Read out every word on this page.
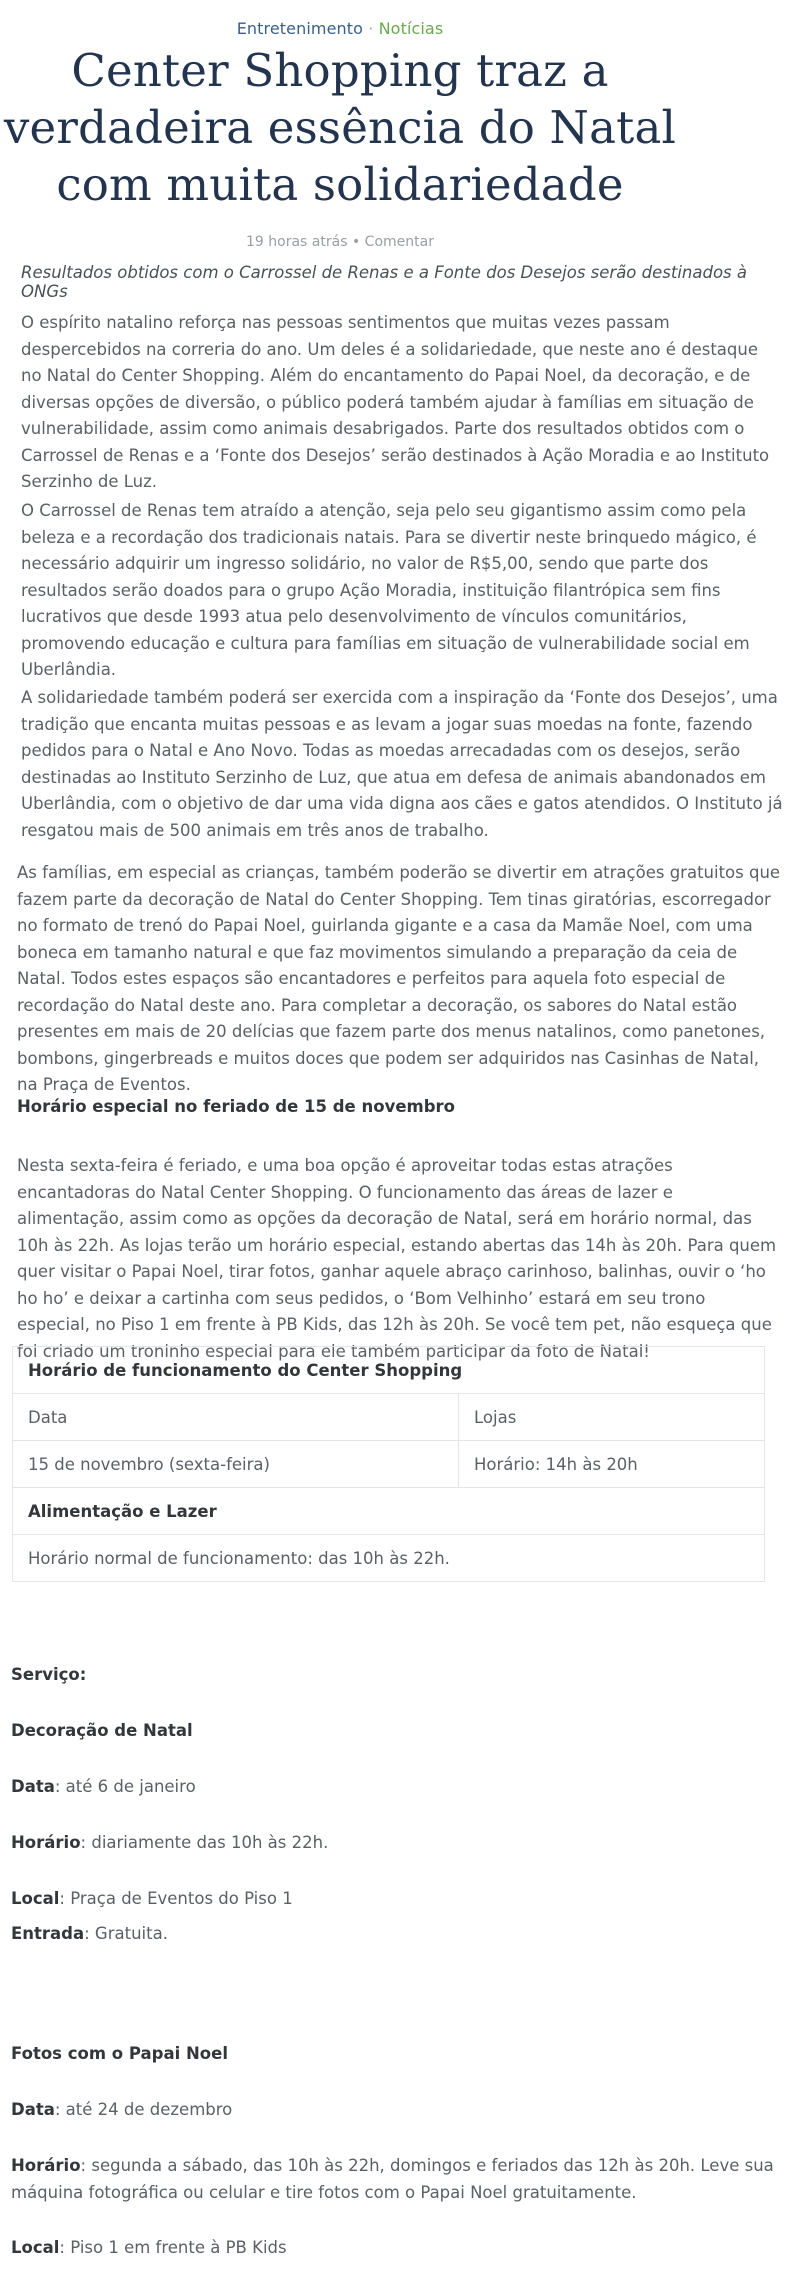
Entretenimento · Notícias
Center Shopping traz a verdadeira essência do Natal com muita solidariedade
19 horas atrás • Comentar
Resultados obtidos com o Carrossel de Renas e a Fonte dos Desejos serão destinados à ONGs

O espírito natalino reforça nas pessoas sentimentos que muitas vezes passam despercebidos na correria do ano. Um deles é a solidariedade, que neste ano é destaque no Natal do Center Shopping. Além do encantamento do Papai Noel, da decoração, e de diversas opções de diversão, o público poderá também ajudar à famílias em situação de vulnerabilidade, assim como animais desabrigados. Parte dos resultados obtidos com o Carrossel de Renas e a ‘Fonte dos Desejos’ serão destinados à Ação Moradia e ao Instituto Serzinho de Luz.

O Carrossel de Renas tem atraído a atenção, seja pelo seu gigantismo assim como pela beleza e a recordação dos tradicionais natais. Para se divertir neste brinquedo mágico, é necessário adquirir um ingresso solidário, no valor de R$5,00, sendo que parte dos resultados serão doados para o grupo Ação Moradia, instituição filantrópica sem fins lucrativos que desde 1993 atua pelo desenvolvimento de vínculos comunitários, promovendo educação e cultura para famílias em situação de vulnerabilidade social em Uberlândia.

A solidariedade também poderá ser exercida com a inspiração da ‘Fonte dos Desejos’, uma tradição que encanta muitas pessoas e as levam a jogar suas moedas na fonte, fazendo pedidos para o Natal e Ano Novo. Todas as moedas arrecadadas com os desejos, serão destinadas ao Instituto Serzinho de Luz, que atua em defesa de animais abandonados em Uberlândia, com o objetivo de dar uma vida digna aos cães e gatos atendidos. O Instituto já resgatou mais de 500 animais em três anos de trabalho.

As famílias, em especial as crianças, também poderão se divertir em atrações gratuitos que fazem parte da decoração de Natal do Center Shopping. Tem tinas giratórias, escorregador no formato de trenó do Papai Noel, guirlanda gigante e a casa da Mamãe Noel, com uma boneca em tamanho natural e que faz movimentos simulando a preparação da ceia de Natal. Todos estes espaços são encantadores e perfeitos para aquela foto especial de recordação do Natal deste ano. Para completar a decoração, os sabores do Natal estão presentes em mais de 20 delícias que fazem parte dos menus natalinos, como panetones, bombons, gingerbreads e muitos doces que podem ser adquiridos nas Casinhas de Natal, na Praça de Eventos.

Horário especial no feriado de 15 de novembro

Nesta sexta-feira é feriado, e uma boa opção é aproveitar todas estas atrações encantadoras do Natal Center Shopping. O funcionamento das áreas de lazer e alimentação, assim como as opções da decoração de Natal, será em horário normal, das 10h às 22h. As lojas terão um horário especial, estando abertas das 14h às 20h. Para quem quer visitar o Papai Noel, tirar fotos, ganhar aquele abraço carinhoso, balinhas, ouvir o ‘ho ho ho’ e deixar a cartinha com seus pedidos, o ‘Bom Velhinho’ estará em seu trono especial, no Piso 1 em frente à PB Kids, das 12h às 20h. Se você tem pet, não esqueça que foi criado um troninho especial para ele também participar da foto de Natal!

Horário de funcionamento do Center Shopping	
Data	Lojas
15 de novembro (sexta-feira)	Horário: 14h às 20h
Alimentação e Lazer	
Horário normal de funcionamento: das 10h às 22h.	
Serviço:
Decoração de Natal
Data: até 6 de janeiro
Horário: diariamente das 10h às 22h.
Local: Praça de Eventos do Piso 1
Entrada: Gratuita.
Fotos com o Papai Noel
Data: até 24 de dezembro
Horário: segunda a sábado, das 10h às 22h, domingos e feriados das 12h às 20h. Leve sua máquina fotográfica ou celular e tire fotos com o Papai Noel gratuitamente.
Local: Piso 1 em frente à PB Kids
